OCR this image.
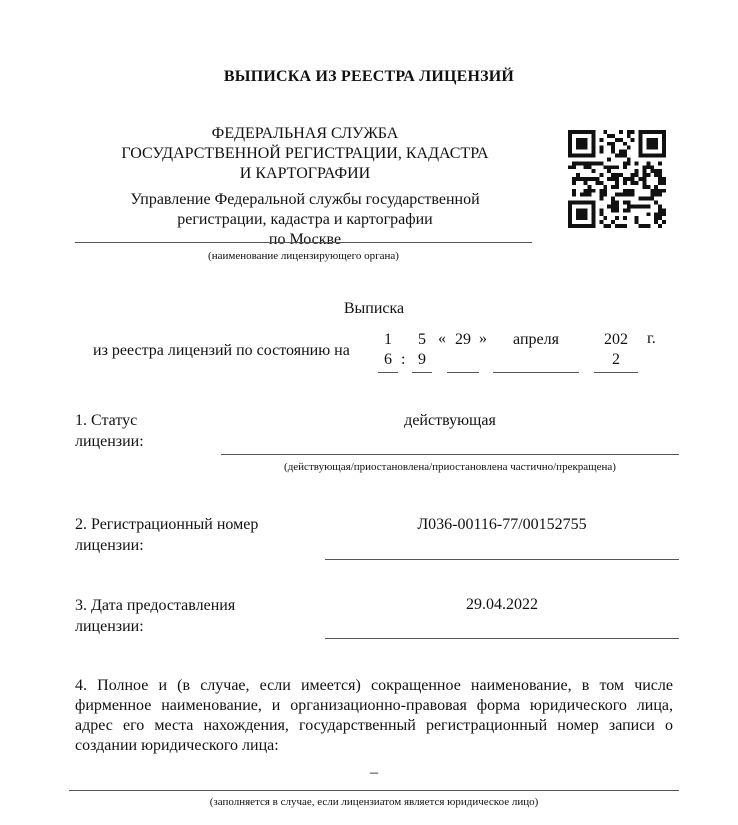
ВЫПИСКА ИЗ РЕЕСТРА ЛИЦЕНЗИЙ
ФЕДЕРАЛЬНАЯ СЛУЖБА
ГОСУДАРСТВЕННОЙ РЕГИСТРАЦИИ, КАДАСТРА
И КАРТОГРАФИИ
Управление Федеральной службы государственной
регистрации, кадастра и картографии
по Москве
(наименование лицензирующего органа)
Выписка
из реестра лицензий по состоянию на
1
6 :
5
9
« 29 »	апреля	202
2
г.
1. Статус
лицензии:
действующая
(действующая/приостановлена/приостановлена частично/прекращена)
2. Регистрационный номер
лицензии:
Л036-00116-77/00152755
3. Дата предоставления
лицензии:
29.04.2022
4. Полное и (в случае, если имеется) сокращенное наименование, в том числе фирменное наименование, и организационно-правовая форма юридического лица, адрес его места нахождения, государственный регистрационный номер записи о создании юридического лица:
–
(заполняется в случае, если лицензиатом является юридическое лицо)
